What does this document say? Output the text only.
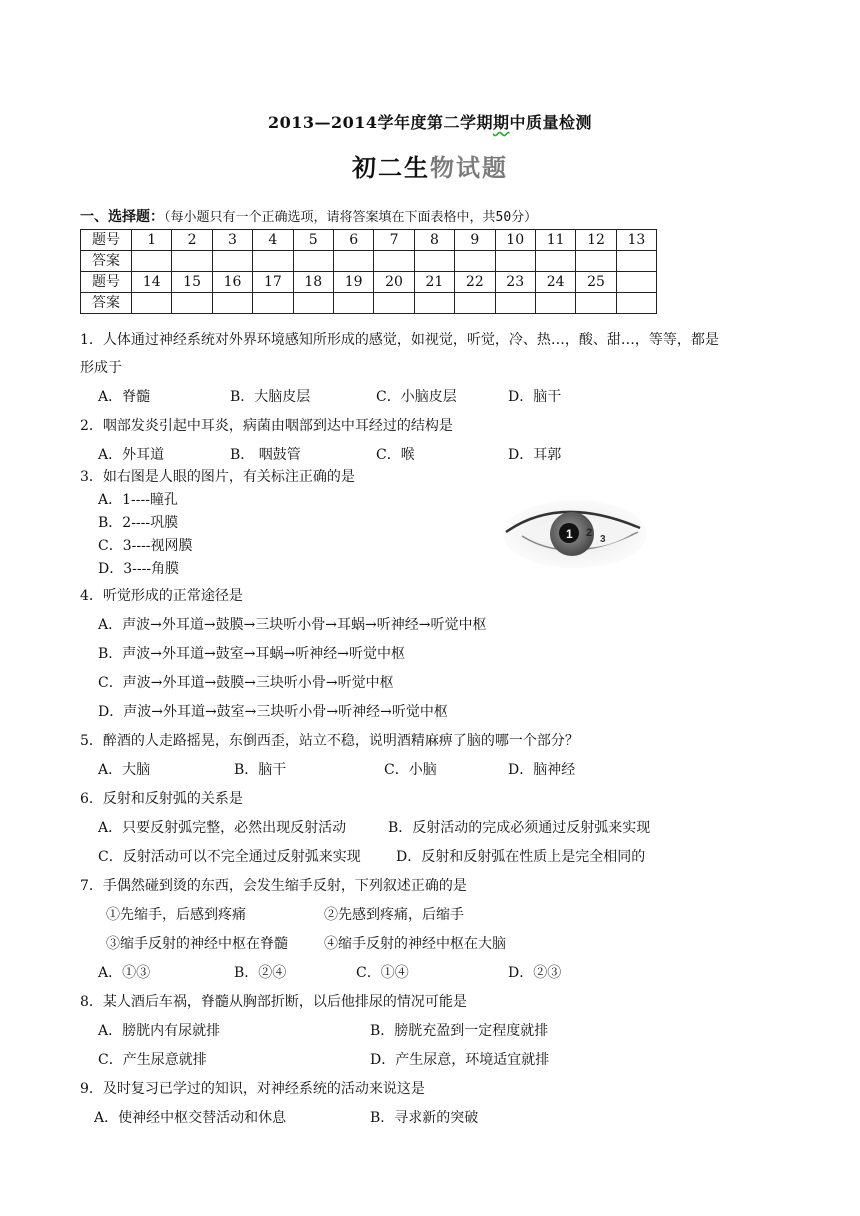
2013—2014学年度第二学期期中质量检测
初二生物试题
一、选择题：（每小题只有一个正确选项，请将答案填在下面表格中，共50分）
题号	1	2	3	4	5	6	7	8	9	10	11	12	13
答案													
题号	14	15	16	17	18	19	20	21	22	23	24	25	
答案													
1．人体通过神经系统对外界环境感知所形成的感觉，如视觉，听觉，冷、热…，酸、甜…，等等，都是
形成于
A．脊髓	B．大脑皮层	C．小脑皮层	D．脑干
2．咽部发炎引起中耳炎，病菌由咽部到达中耳经过的结构是
A．外耳道	B． 咽鼓管	C．喉	D．耳郭
3．如右图是人眼的图片，有关标注正确的是
A．1----瞳孔
B．2----巩膜
C．3----视网膜
D．3----角膜
1 2
3
4．听觉形成的正常途径是
A．声波→外耳道→鼓膜→三块听小骨→耳蜗→听神经→听觉中枢
B．声波→外耳道→鼓室→耳蜗→听神经→听觉中枢
C．声波→外耳道→鼓膜→三块听小骨→听觉中枢
D．声波→外耳道→鼓室→三块听小骨→听神经→听觉中枢
5．醉酒的人走路摇晃，东倒西歪，站立不稳，说明酒精麻痹了脑的哪一个部分？
A．大脑	B．脑干	C．小脑	D．脑神经
6．反射和反射弧的关系是
A．只要反射弧完整，必然出现反射活动	B．反射活动的完成必须通过反射弧来实现
C．反射活动可以不完全通过反射弧来实现	D．反射和反射弧在性质上是完全相同的
7．手偶然碰到烫的东西，会发生缩手反射，下列叙述正确的是
①先缩手，后感到疼痛	②先感到疼痛，后缩手
③缩手反射的神经中枢在脊髓	④缩手反射的神经中枢在大脑
A．①③	B．②④	C．①④	D．②③
8．某人酒后车祸，脊髓从胸部折断，以后他排尿的情况可能是
A．膀胱内有尿就排	B．膀胱充盈到一定程度就排
C．产生尿意就排	D．产生尿意，环境适宜就排
9．及时复习已学过的知识，对神经系统的活动来说这是
A．使神经中枢交替活动和休息	B．寻求新的突破
